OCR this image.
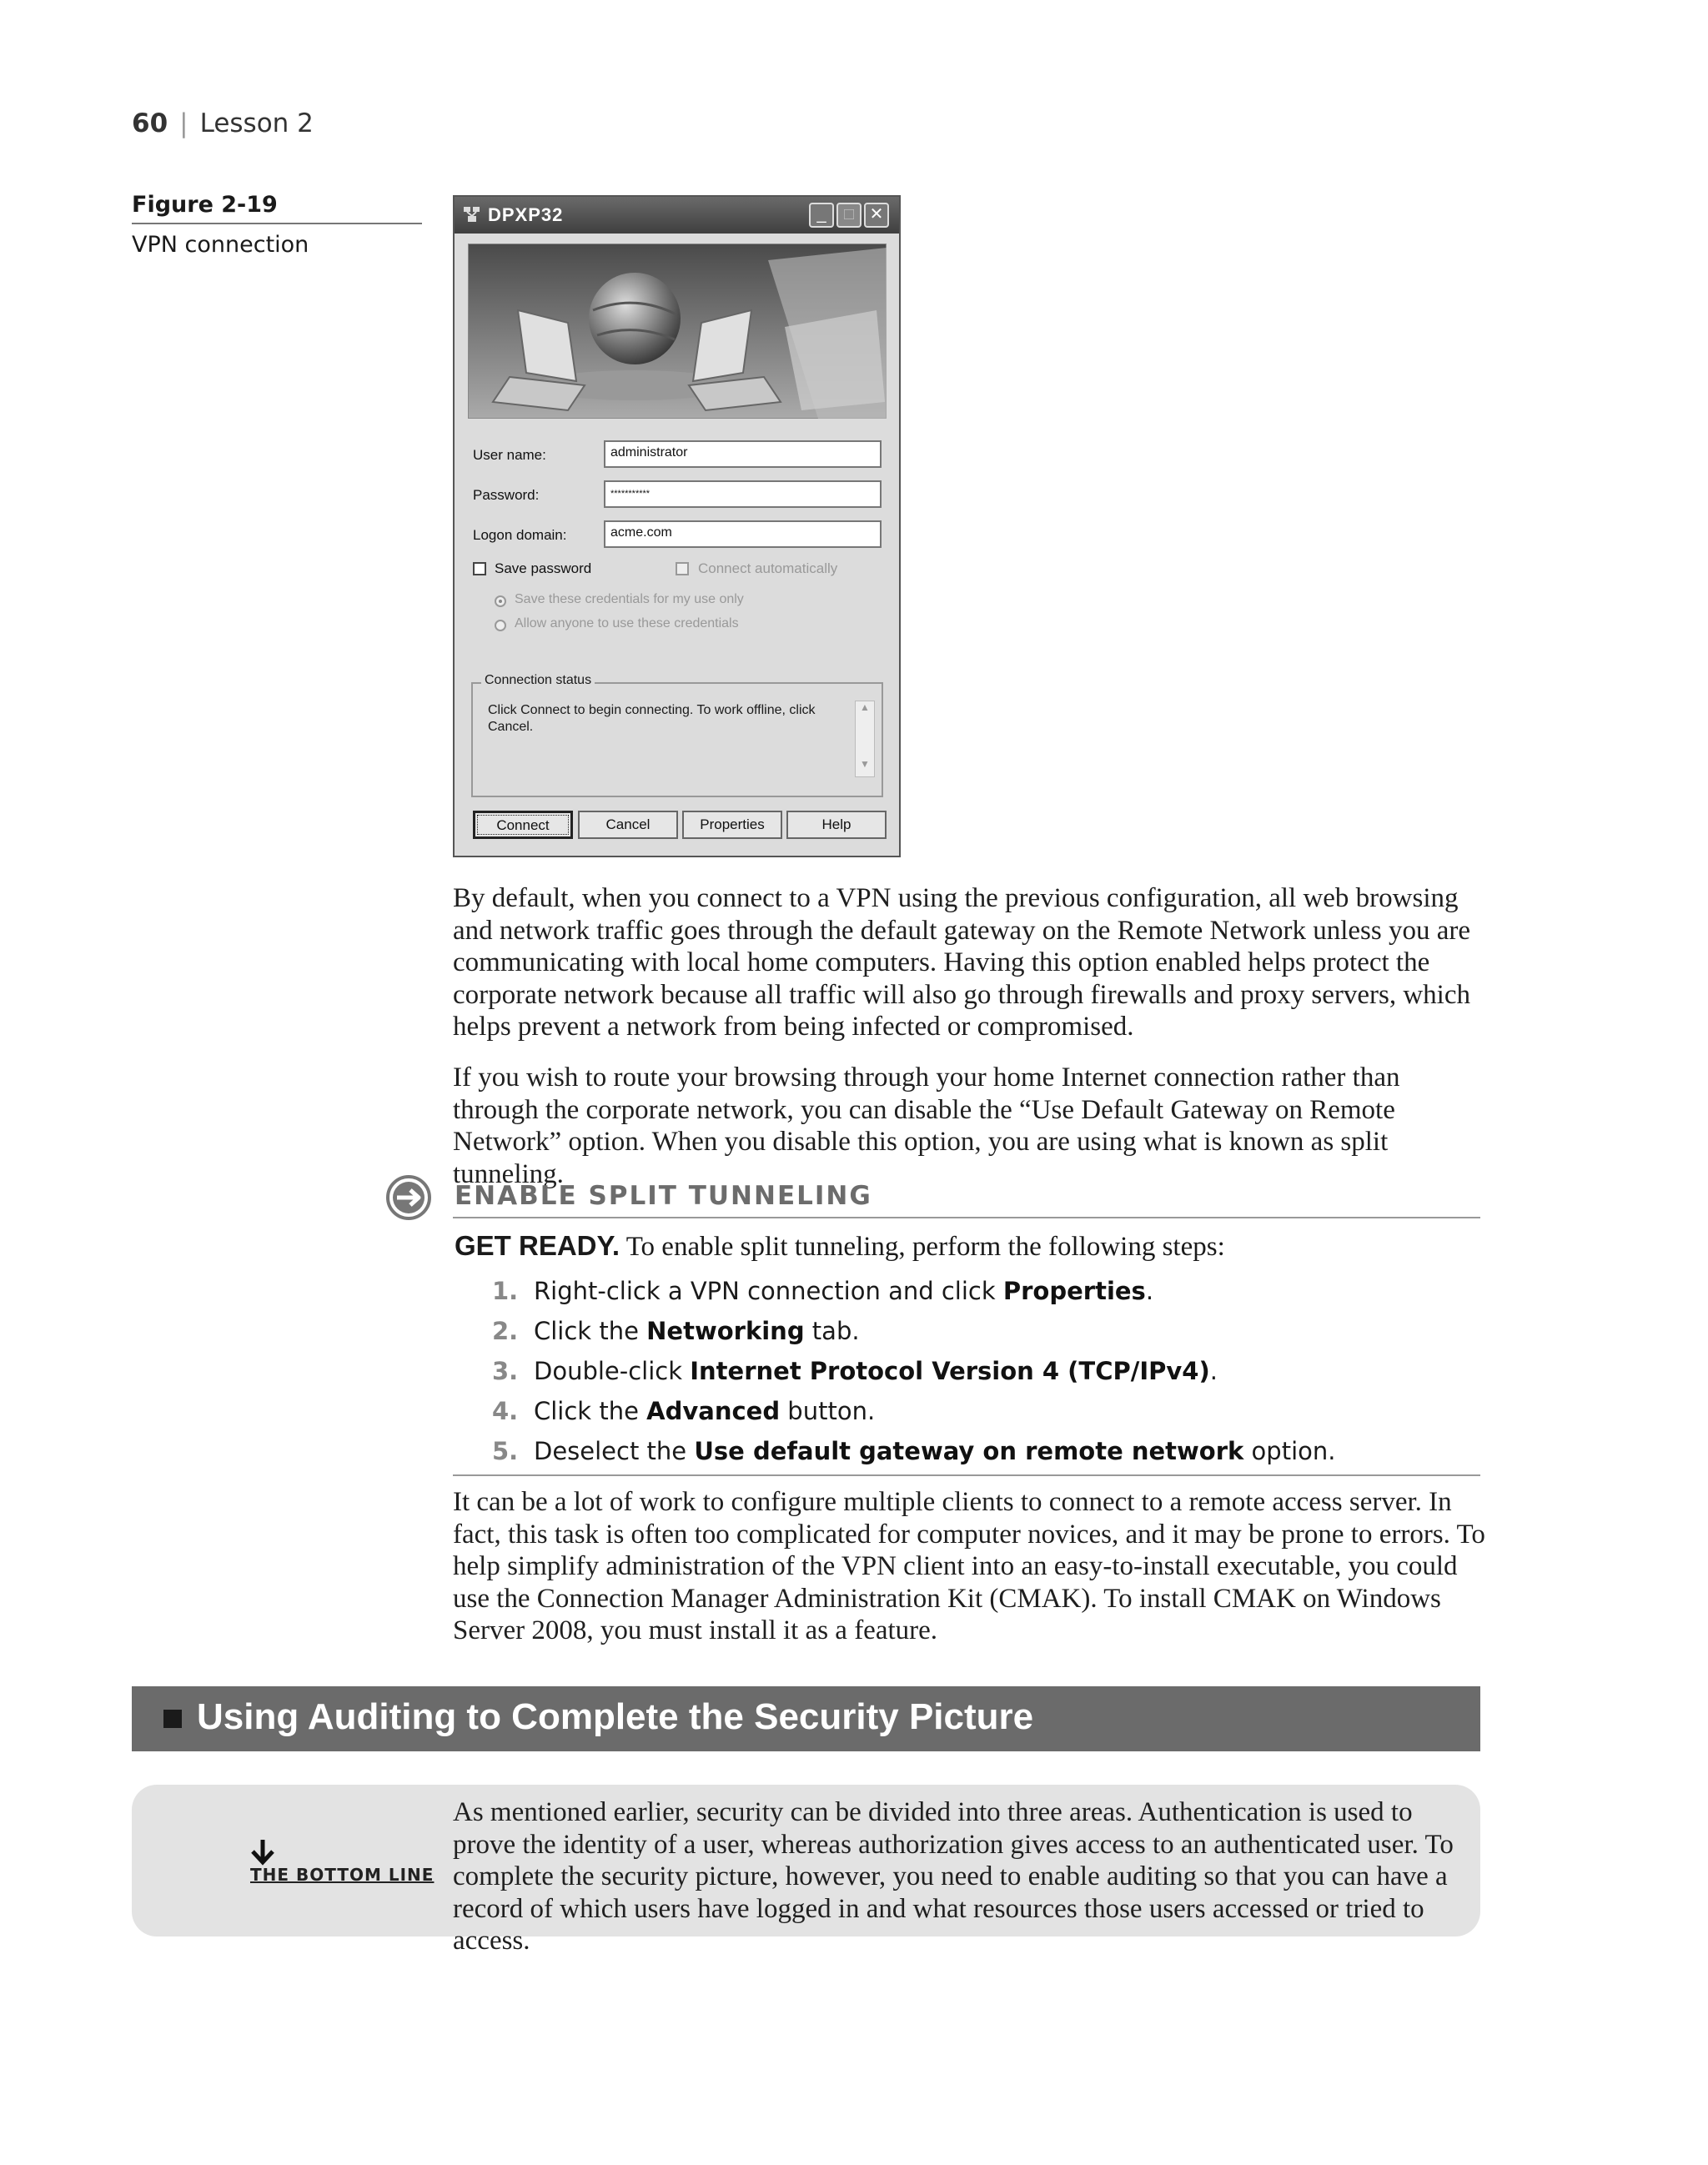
60 | Lesson 2
Figure 2-19
VPN connection
DPXP32	_	□ ✕
User name:	administrator
Password:	***********
Logon domain:	acme.com
Save password	Connect automatically
Save these credentials for my use only
Allow anyone to use these credentials
Connection status
Click Connect to begin connecting. To work offline, click Cancel.
▲
▼
Connect	Cancel	Properties	Help
By default, when you connect to a VPN using the previous configuration, all web browsing and network traffic goes through the default gateway on the Remote Network unless you are communicating with local home computers. Having this option enabled helps protect the corporate network because all traffic will also go through firewalls and proxy servers, which helps prevent a network from being infected or compromised.
If you wish to route your browsing through your home Internet connection rather than through the corporate network, you can disable the “Use Default Gateway on Remote Network” option. When you disable this option, you are using what is known as split tunneling.
ENABLE SPLIT TUNNELING
GET READY. To enable split tunneling, perform the following steps:
1. Right-click a VPN connection and click Properties.
2. Click the Networking tab.
3. Double-click Internet Protocol Version 4 (TCP/IPv4).
4. Click the Advanced button.
5. Deselect the Use default gateway on remote network option.
It can be a lot of work to configure multiple clients to connect to a remote access server. In fact, this task is often too complicated for computer novices, and it may be prone to errors. To help simplify administration of the VPN client into an easy-to-install executable, you could use the Connection Manager Administration Kit (CMAK). To install CMAK on Windows Server 2008, you must install it as a feature.
Using Auditing to Complete the Security Picture
THE BOTTOM LINE
As mentioned earlier, security can be divided into three areas. Authentication is used to prove the identity of a user, whereas authorization gives access to an authenticated user. To complete the security picture, however, you need to enable auditing so that you can have a record of which users have logged in and what resources those users accessed or tried to access.
